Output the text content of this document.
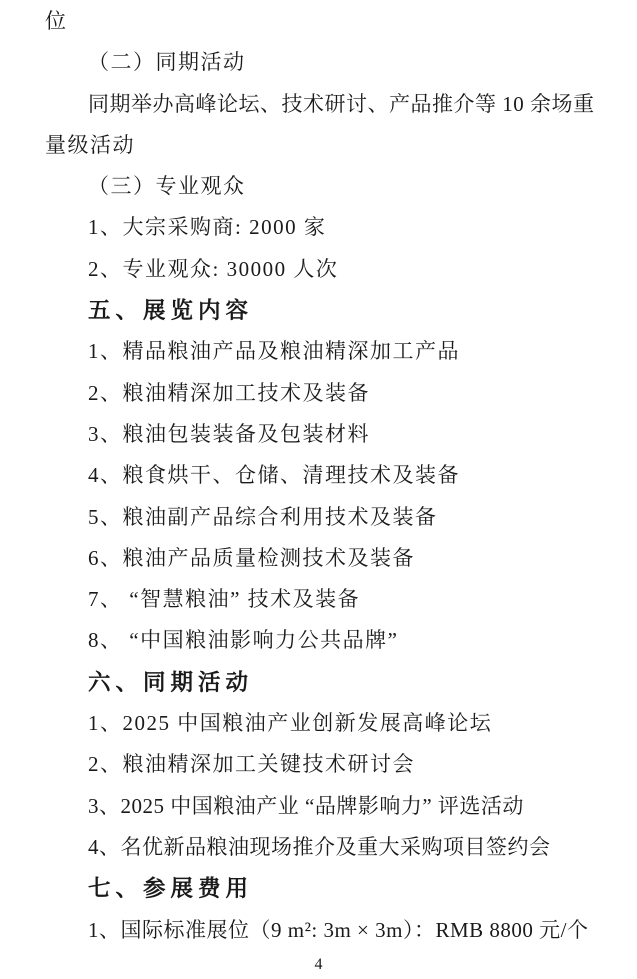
位
（二）同期活动
同期举办高峰论坛、技术研讨、产品推介等 10 余场重
量级活动
（三）专业观众
1、大宗采购商: 2000 家
2、专业观众: 30000 人次
五、展览内容
1、精品粮油产品及粮油精深加工产品
2、粮油精深加工技术及装备
3、粮油包装装备及包装材料
4、粮食烘干、仓储、清理技术及装备
5、粮油副产品综合利用技术及装备
6、粮油产品质量检测技术及装备
7、 “智慧粮油” 技术及装备
8、 “中国粮油影响力公共品牌”
六、同期活动
1、2025 中国粮油产业创新发展高峰论坛
2、粮油精深加工关键技术研讨会
3、2025 中国粮油产业 “品牌影响力” 评选活动
4、名优新品粮油现场推介及重大采购项目签约会
七、参展费用
1、国际标准展位（9 m²: 3m × 3m）：RMB 8800 元/个
4
